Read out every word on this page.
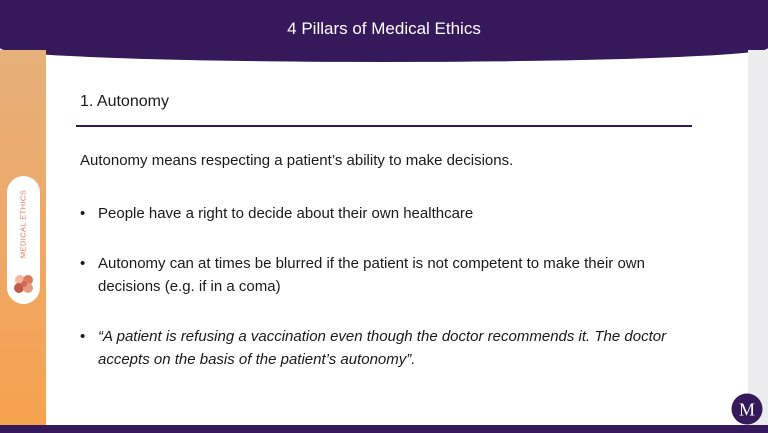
4 Pillars of Medical Ethics
MEDICAL ETHICS
1. Autonomy
Autonomy means respecting a patient’s ability to make decisions.
• People have a right to decide about their own healthcare
• Autonomy can at times be blurred if the patient is not competent to make their own decisions (e.g. if in a coma)
• “A patient is refusing a vaccination even though the doctor recommends it. The doctor accepts on the basis of the patient’s autonomy”.
M
